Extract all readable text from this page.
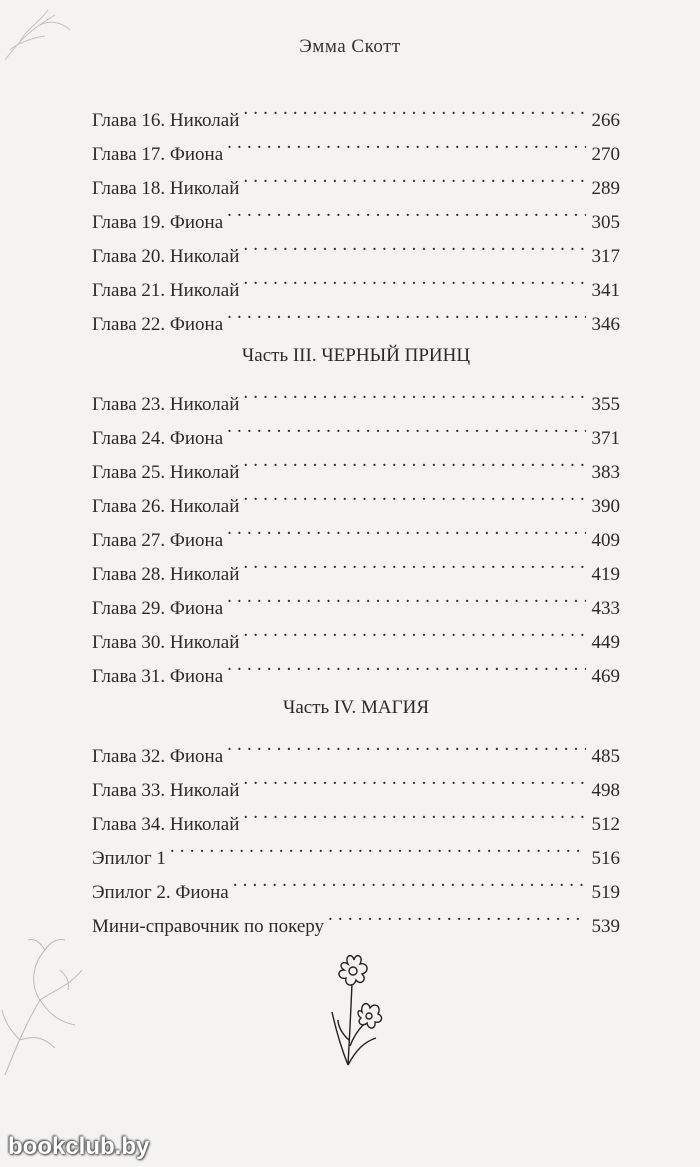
Эмма Скотт
Глава 16. Николай . . .	266
Глава 17. Фиона . . .	270
Глава 18. Николай . . .	289
Глава 19. Фиона . . .	305
Глава 20. Николай . . .	317
Глава 21. Николай . . .	341
Глава 22. Фиона . . .	346
Часть III. ЧЕРНЫЙ ПРИНЦ
Глава 23. Николай . . .	355
Глава 24. Фиона . . .	371
Глава 25. Николай . . .	383
Глава 26. Николай . . .	390
Глава 27. Фиона . . .	409
Глава 28. Николай . . .	419
Глава 29. Фиона . . .	433
Глава 30. Николай . . .	449
Глава 31. Фиона . . .	469
Часть IV. МАГИЯ
Глава 32. Фиона . . .	485
Глава 33. Николай . . .	498
Глава 34. Николай . . .	512
Эпилог 1 . . .	516
Эпилог 2. Фиона . . .	519
Мини-справочник по покеру . . .	539
bookclub.by
